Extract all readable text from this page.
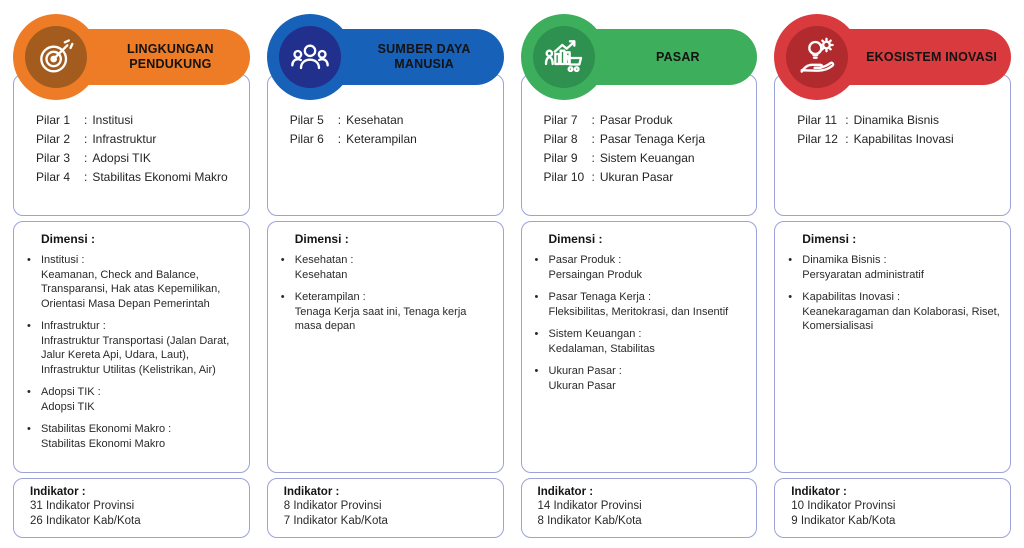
LINGKUNGAN PENDUKUNG
Pilar 1	: Institusi
Pilar 2	: Infrastruktur
Pilar 3	: Adopsi TIK
Pilar 4	: Stabilitas Ekonomi Makro
Dimensi :
• Institusi :
Keamanan, Check and Balance, Transparansi, Hak atas Kepemilikan, Orientasi Masa Depan Pemerintah
• Infrastruktur :
Infrastruktur Transportasi (Jalan Darat, Jalur Kereta Api, Udara, Laut), Infrastruktur Utilitas (Kelistrikan, Air)
• Adopsi TIK :
Adopsi TIK
• Stabilitas Ekonomi Makro :
Stabilitas Ekonomi Makro
Indikator :
31 Indikator Provinsi
26 Indikator Kab/Kota
SUMBER DAYA MANUSIA
Pilar 5	: Kesehatan
Pilar 6	: Keterampilan
Dimensi :
• Kesehatan :
Kesehatan
• Keterampilan :
Tenaga Kerja saat ini, Tenaga kerja masa depan
Indikator :
8 Indikator Provinsi
7 Indikator Kab/Kota
PASAR
Pilar 7	: Pasar Produk
Pilar 8	: Pasar Tenaga Kerja
Pilar 9	: Sistem Keuangan
Pilar 10 : Ukuran Pasar
Dimensi :
• Pasar Produk :
Persaingan Produk
• Pasar Tenaga Kerja :
Fleksibilitas, Meritokrasi, dan Insentif
• Sistem Keuangan :
Kedalaman, Stabilitas
• Ukuran Pasar :
Ukuran Pasar
Indikator :
14 Indikator Provinsi
8 Indikator Kab/Kota
EKOSISTEM INOVASI
Pilar 11 : Dinamika Bisnis
Pilar 12 : Kapabilitas Inovasi
Dimensi :
• Dinamika Bisnis :
Persyaratan administratif
• Kapabilitas Inovasi :
Keanekaragaman dan Kolaborasi, Riset, Komersialisasi
Indikator :
10 Indikator Provinsi
9 Indikator Kab/Kota
